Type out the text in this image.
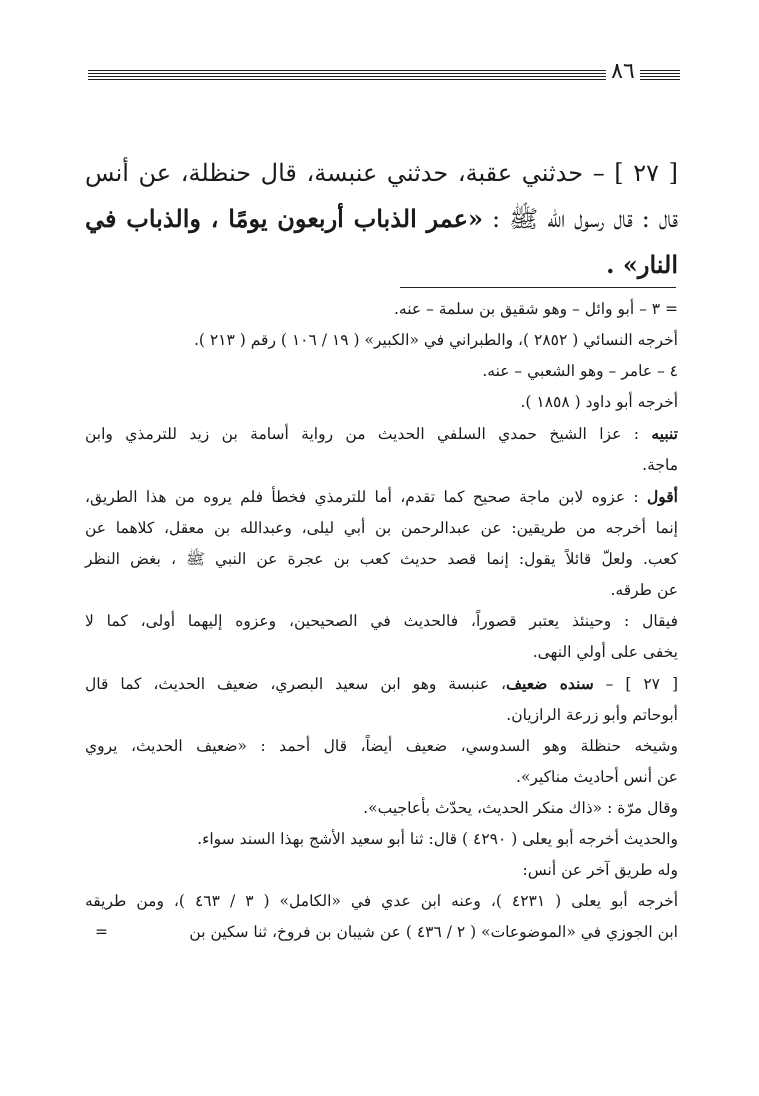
٨٦
[ ٢٧ ] – حدثني عقبة، حدثني عنبسة، قال حنظلة، عن أنس
قال : قال رسول الله ﷺ : «عمر الذباب أربعون يومًا ، والذباب في
النار» .
= ٣ – أبو وائل – وهو شقيق بن سلمة – عنه.
أخرجه النسائي ( ٢٨٥٢ )، والطبراني في «الكبير» ( ١٩ / ١٠٦ ) رقم ( ٢١٣ ).
٤ – عامر – وهو الشعبي – عنه.
أخرجه أبو داود ( ١٨٥٨ ).
تنبيه : عزا الشيخ حمدي السلفي الحديث من رواية أسامة بن زيد للترمذي وابن
ماجة.
أقول : عزوه لابن ماجة صحيح كما تقدم، أما للترمذي فخطأ فلم يروه من هذا الطريق،
إنما أخرجه من طريقين: عن عبدالرحمن بن أبي ليلى، وعبدالله بن معقل، كلاهما عن
كعب. ولعلّ قائلاً يقول: إنما قصد حديث كعب بن عجرة عن النبي ﷺ ، بغض النظر
عن طرقه.
فيقال : وحينئذ يعتبر قصوراً، فالحديث في الصحيحين، وعزوه إليهما أولى، كما لا
يخفى على أولي النهى.
[ ٢٧ ] – سنده ضعيف، عنبسة وهو ابن سعيد البصري، ضعيف الحديث، كما قال
أبوحاتم وأبو زرعة الرازيان.
وشيخه حنظلة وهو السدوسي، ضعيف أيضاً، قال أحمد : «ضعيف الحديث، يروي
عن أنس أحاديث مناكير».
وقال مرّة : «ذاك منكر الحديث، يحدّث بأعاجيب».
والحديث أخرجه أبو يعلى ( ٤٢٩٠ ) قال: ثنا أبو سعيد الأشج بهذا السند سواء.
وله طريق آخر عن أنس:
أخرجه أبو يعلى ( ٤٢٣١ )، وعنه ابن عدي في «الكامل» ( ٣ / ٤٦٣ )، ومن طريقه
ابن الجوزي في «الموضوعات» ( ٢ / ٤٣٦ ) عن شيبان بن فروخ، ثنا سكين بن
=
